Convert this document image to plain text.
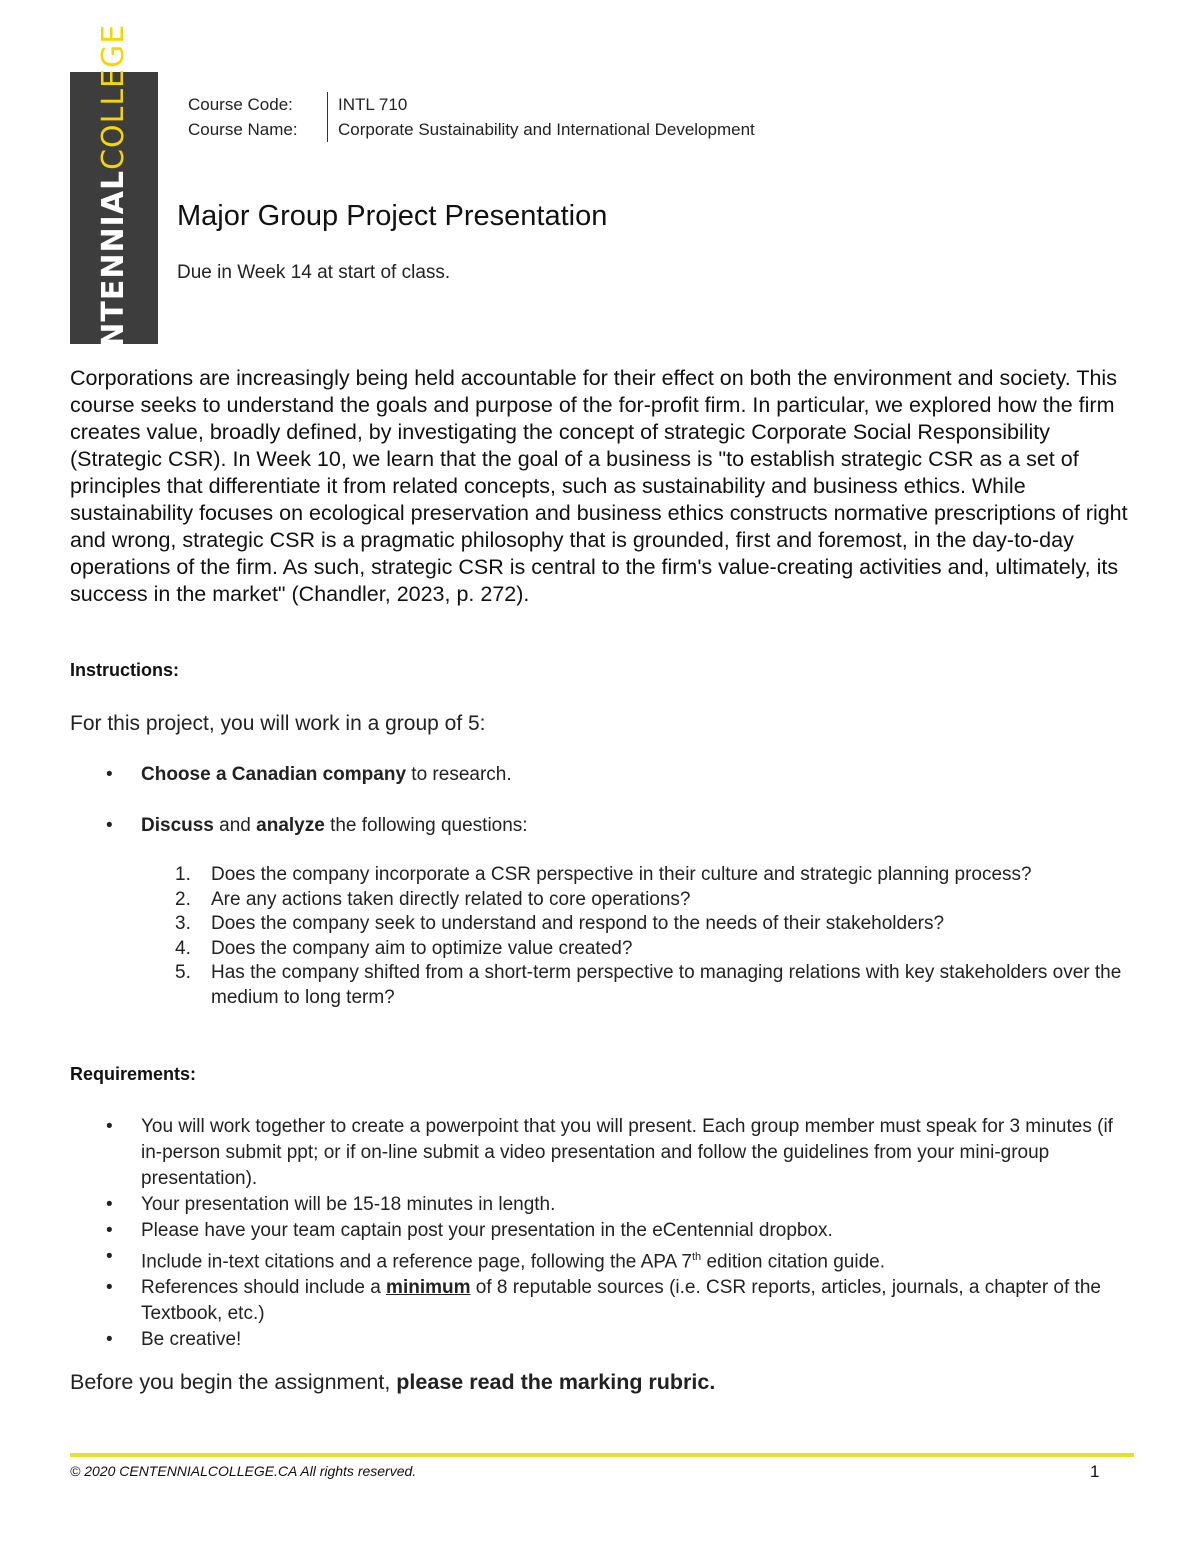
CENTENNIALCOLLEGE	Course Code:	INTL 710
Course Name:	Corporate Sustainability and International Development
Major Group Project Presentation
Due in Week 14 at start of class.

Corporations are increasingly being held accountable for their effect on both the environment and society. This course seeks to understand the goals and purpose of the for-profit firm. In particular, we explored how the firm creates value, broadly defined, by investigating the concept of strategic Corporate Social Responsibility (Strategic CSR). In Week 10, we learn that the goal of a business is "to establish strategic CSR as a set of principles that differentiate it from related concepts, such as sustainability and business ethics. While sustainability focuses on ecological preservation and business ethics constructs normative prescriptions of right and wrong, strategic CSR is a pragmatic philosophy that is grounded, first and foremost, in the day-to-day operations of the firm. As such, strategic CSR is central to the firm's value-creating activities and, ultimately, its success in the market" (Chandler, 2023, p. 272).

Instructions:

For this project, you will work in a group of 5:

• Choose a Canadian company to research.
• Discuss and analyze the following questions:
1. Does the company incorporate a CSR perspective in their culture and strategic planning process?
2. Are any actions taken directly related to core operations?
3. Does the company seek to understand and respond to the needs of their stakeholders?
4. Does the company aim to optimize value created?
5. Has the company shifted from a short-term perspective to managing relations with key stakeholders over the medium to long term?
Requirements:
• You will work together to create a powerpoint that you will present. Each group member must speak for 3 minutes (if in-person submit ppt; or if on-line submit a video presentation and follow the guidelines from your mini-group presentation).
• Your presentation will be 15-18 minutes in length.
• Please have your team captain post your presentation in the eCentennial dropbox.
• Include in-text citations and a reference page, following the APA 7th edition citation guide.
• References should include a minimum of 8 reputable sources (i.e. CSR reports, articles, journals, a chapter of the Textbook, etc.)
• Be creative!

Before you begin the assignment, please read the marking rubric.

© 2020 CENTENNIALCOLLEGE.CA All rights reserved.	1
